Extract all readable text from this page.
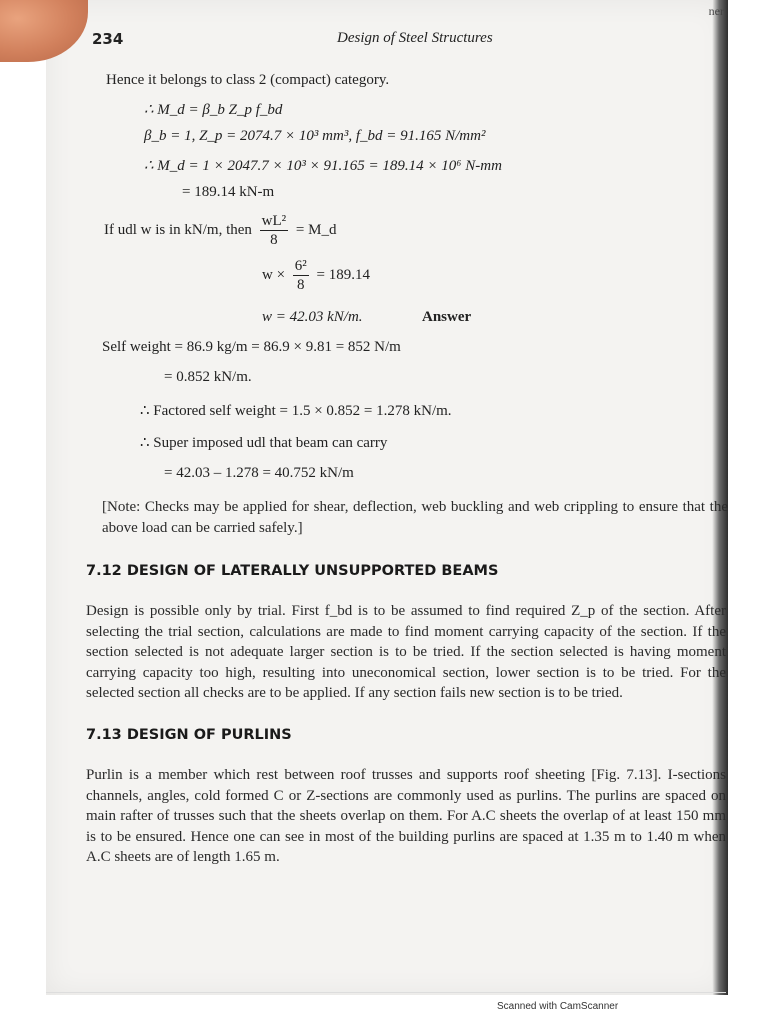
ner
234	Design of Steel Structures
Hence it belongs to class 2 (compact) category.
∴ M_d = β_b Z_p f_bd
β_b = 1, Z_p = 2074.7 × 10³ mm³, f_bd = 91.165 N/mm²
∴ M_d = 1 × 2047.7 × 10³ × 91.165 = 189.14 × 10⁶ N-mm
= 189.14 kN-m
If udl w is in kN/m, then $\frac{\text{wL²}}{8}$ = M_d
$w \times \frac{\text{6²}}{8} = 189.14$
w = 42.03 kN/m.	Answer
Self weight = 86.9 kg/m = 86.9 × 9.81 = 852 N/m
= 0.852 kN/m.
∴ Factored self weight = 1.5 × 0.852 = 1.278 kN/m.
∴ Super imposed udl that beam can carry
= 42.03 – 1.278 = 40.752 kN/m

[Note: Checks may be applied for shear, deflection, web buckling and web crippling to ensure that the above load can be carried safely.]

7.12 DESIGN OF LATERALLY UNSUPPORTED BEAMS

Design is possible only by trial. First f_bd is to be assumed to find required Z_p of the section. After selecting the trial section, calculations are made to find moment carrying capacity of the section. If the section selected is not adequate larger section is to be tried. If the section selected is having moment carrying capacity too high, resulting into uneconomical section, lower section is to be tried. For the selected section all checks are to be applied. If any section fails new section is to be tried.

7.13 DESIGN OF PURLINS

Purlin is a member which rest between roof trusses and supports roof sheeting [Fig. 7.13]. I-sections channels, angles, cold formed C or Z-sections are commonly used as purlins. The purlins are spaced on main rafter of trusses such that the sheets overlap on them. For A.C sheets the overlap of at least 150 mm is to be ensured. Hence one can see in most of the building purlins are spaced at 1.35 m to 1.40 m when A.C sheets are of length 1.65 m.

Scanned with CamScanner
